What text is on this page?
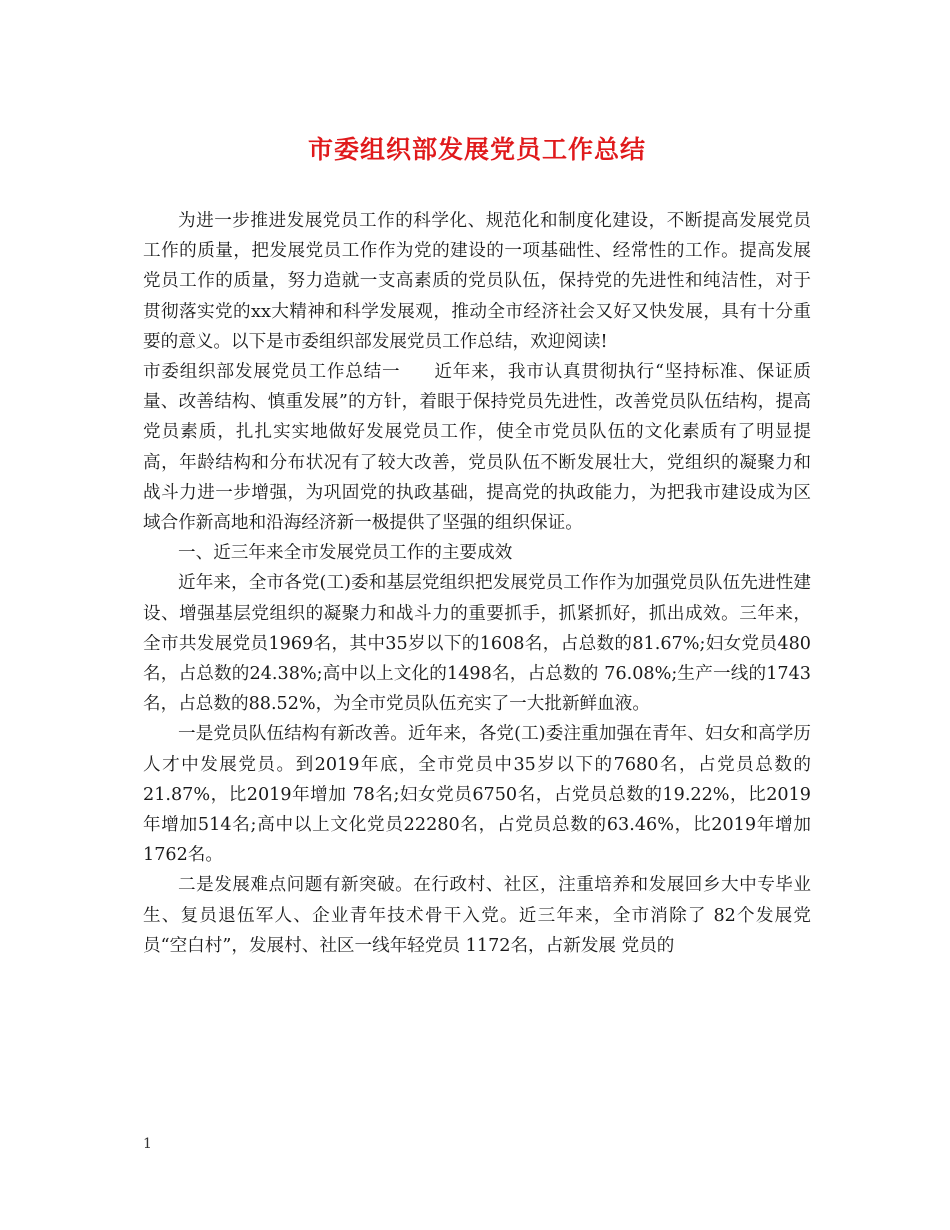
市委组织部发展党员工作总结

为进一步推进发展党员工作的科学化、规范化和制度化建设，不断提高发展党员工作的质量，把发展党员工作作为党的建设的一项基础性、经常性的工作。提高发展党员工作的质量，努力造就一支高素质的党员队伍，保持党的先进性和纯洁性，对于贯彻落实党的xx大精神和科学发展观，推动全市经济社会又好又快发展，具有十分重要的意义。以下是市委组织部发展党员工作总结，欢迎阅读!

市委组织部发展党员工作总结一 近年来，我市认真贯彻执行“坚持标准、保证质量、改善结构、慎重发展”的方针，着眼于保持党员先进性，改善党员队伍结构，提高党员素质，扎扎实实地做好发展党员工作，使全市党员队伍的文化素质有了明显提高，年龄结构和分布状况有了较大改善，党员队伍不断发展壮大，党组织的凝聚力和战斗力进一步增强，为巩固党的执政基础，提高党的执政能力，为把我市建设成为区域合作新高地和沿海经济新一极提供了坚强的组织保证。

一、近三年来全市发展党员工作的主要成效

近年来，全市各党(工)委和基层党组织把发展党员工作作为加强党员队伍先进性建设、增强基层党组织的凝聚力和战斗力的重要抓手，抓紧抓好，抓出成效。三年来，全市共发展党员1969名，其中35岁以下的1608名，占总数的81.67%;妇女党员480名，占总数的24.38%;高中以上文化的1498名，占总数的 76.08%;生产一线的1743名，占总数的88.52%，为全市党员队伍充实了一大批新鲜血液。

一是党员队伍结构有新改善。近年来，各党(工)委注重加强在青年、妇女和高学历人才中发展党员。到2019年底，全市党员中35岁以下的7680名，占党员总数的21.87%，比2019年增加 78名;妇女党员6750名，占党员总数的19.22%，比2019年增加514名;高中以上文化党员22280名，占党员总数的63.46%，比2019年增加1762名。

二是发展难点问题有新突破。在行政村、社区，注重培养和发展回乡大中专毕业生、复员退伍军人、企业青年技术骨干入党。近三年来，全市消除了 82个发展党员“空白村”，发展村、社区一线年轻党员 1172名，占新发展 党员的

1
